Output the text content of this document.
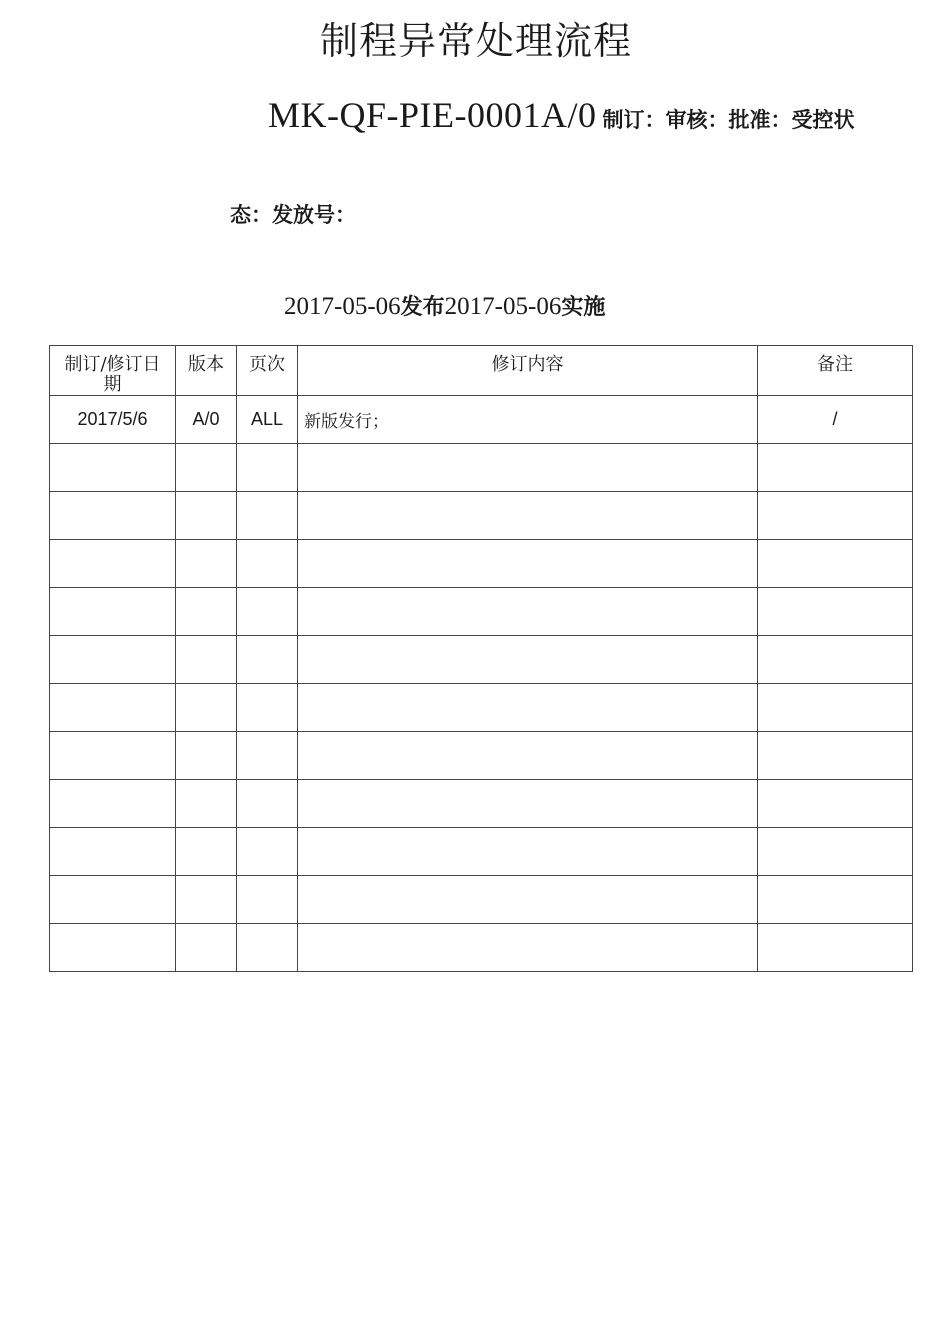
制程异常处理流程
MK-QF-PIE-0001A/0 制订：审核：批准：受控状
态：发放号：
2017-05-06发布2017-05-06实施
制订/修订日期	版本	页次	修订内容	备注
2017/5/6	A/0	ALL	新版发行；	/
